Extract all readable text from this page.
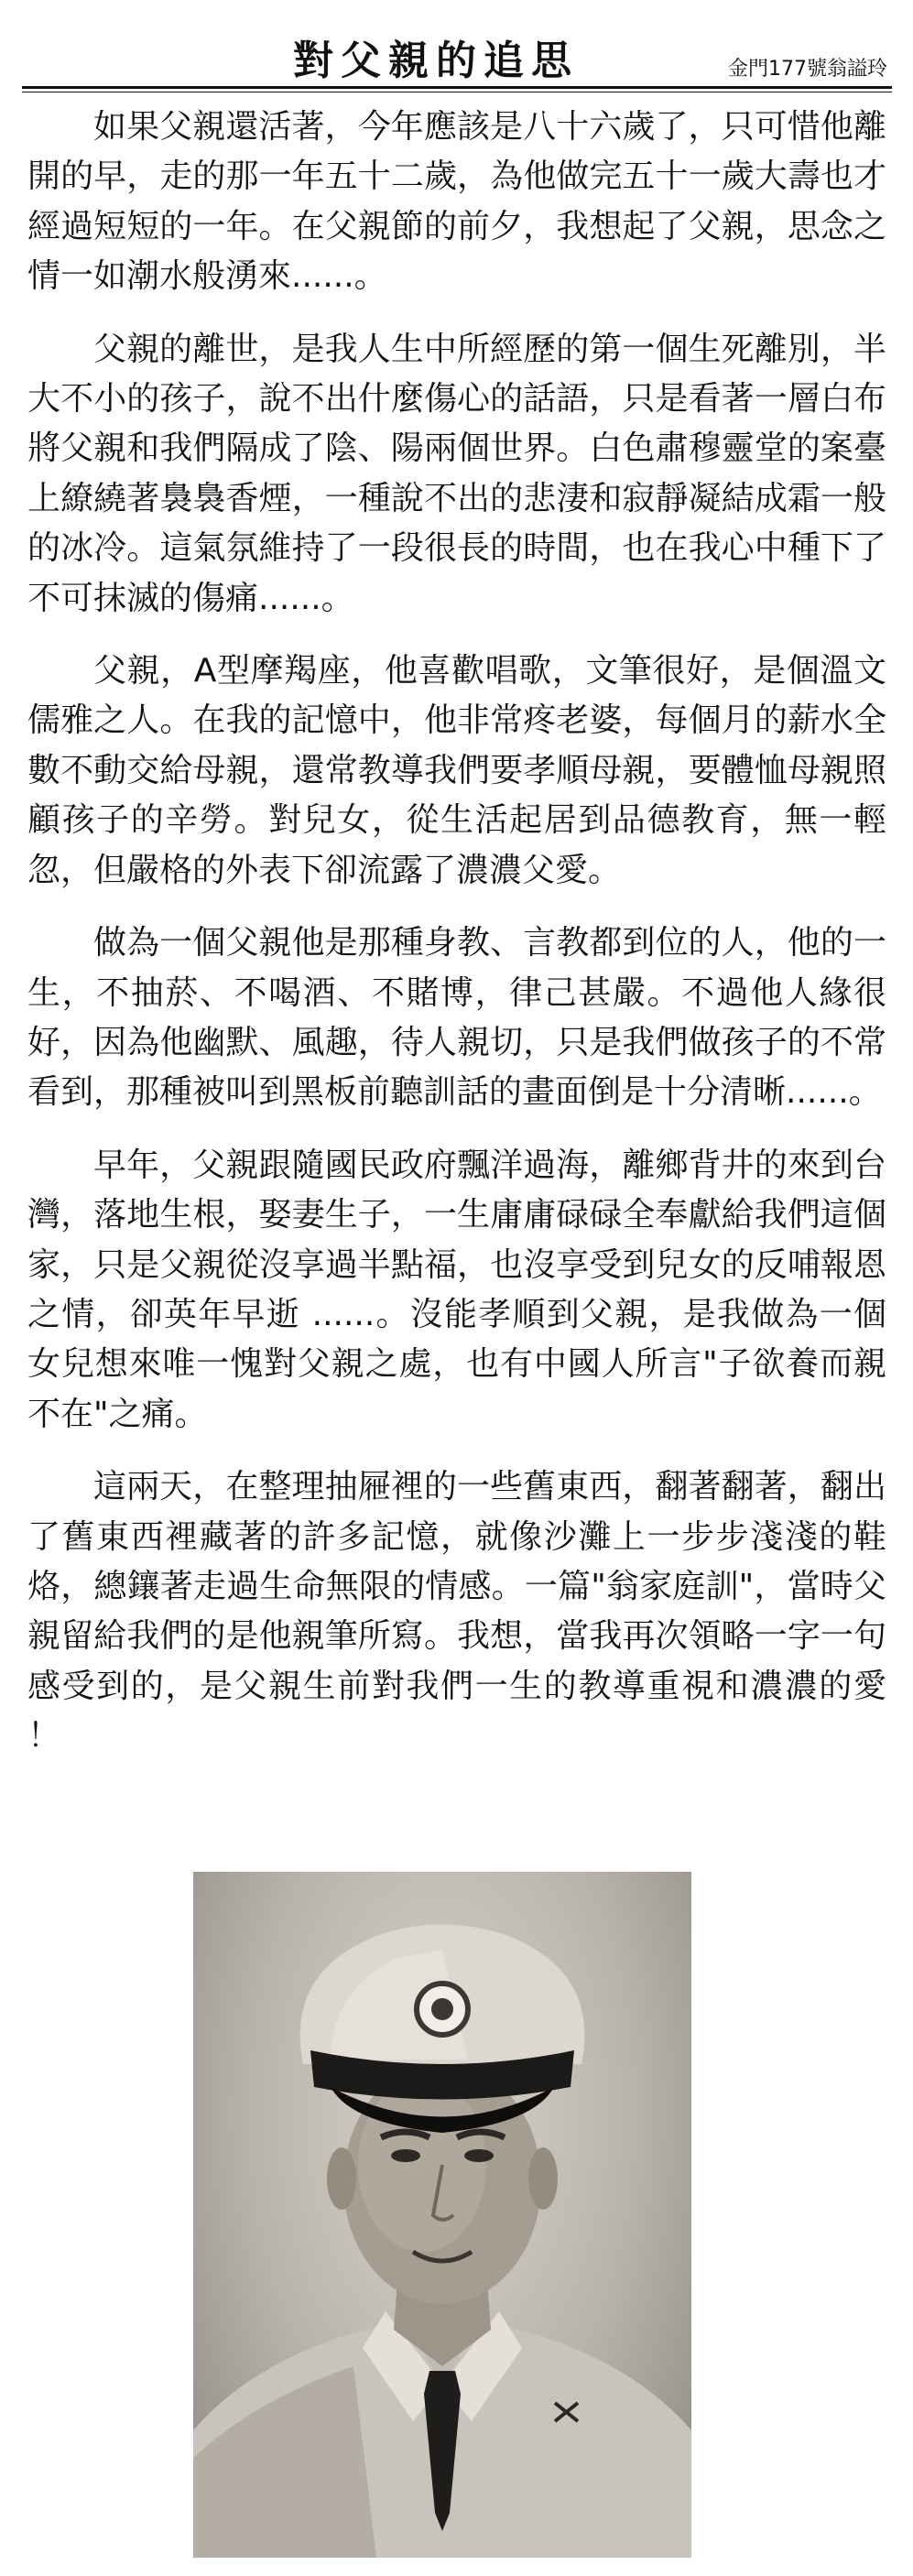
對父親的追思	金門177號翁謚玲

如果父親還活著，今年應該是八十六歲了，只可惜他離開的早，走的那一年五十二歲，為他做完五十一歲大壽也才經過短短的一年。在父親節的前夕，我想起了父親，思念之情一如潮水般湧來......。

父親的離世，是我人生中所經歷的第一個生死離別，半大不小的孩子，說不出什麼傷心的話語，只是看著一層白布將父親和我們隔成了陰、陽兩個世界。白色肅穆靈堂的案臺上繚繞著裊裊香煙，一種說不出的悲淒和寂靜凝結成霜一般的冰冷。這氣氛維持了一段很長的時間，也在我心中種下了不可抹滅的傷痛......。

父親，A型摩羯座，他喜歡唱歌，文筆很好，是個溫文儒雅之人。在我的記憶中，他非常疼老婆，每個月的薪水全數不動交給母親，還常教導我們要孝順母親，要體恤母親照顧孩子的辛勞。對兒女，從生活起居到品德教育，無一輕忽，但嚴格的外表下卻流露了濃濃父愛。

做為一個父親他是那種身教、言教都到位的人，他的一生，不抽菸、不喝酒、不賭博，律己甚嚴。不過他人緣很好，因為他幽默、風趣，待人親切，只是我們做孩子的不常看到，那種被叫到黑板前聽訓話的畫面倒是十分清晰......。

早年，父親跟隨國民政府飄洋過海，離鄉背井的來到台灣，落地生根，娶妻生子，一生庸庸碌碌全奉獻給我們這個家，只是父親從沒享過半點福，也沒享受到兒女的反哺報恩之情，卻英年早逝 ......。沒能孝順到父親，是我做為一個女兒想來唯一愧對父親之處，也有中國人所言"子欲養而親不在"之痛。

這兩天，在整理抽屜裡的一些舊東西，翻著翻著，翻出了舊東西裡藏著的許多記憶，就像沙灘上一步步淺淺的鞋烙，總鑲著走過生命無限的情感。一篇"翁家庭訓"，當時父親留給我們的是他親筆所寫。我想，當我再次領略一字一句感受到的，是父親生前對我們一生的教導重視和濃濃的愛 ！
